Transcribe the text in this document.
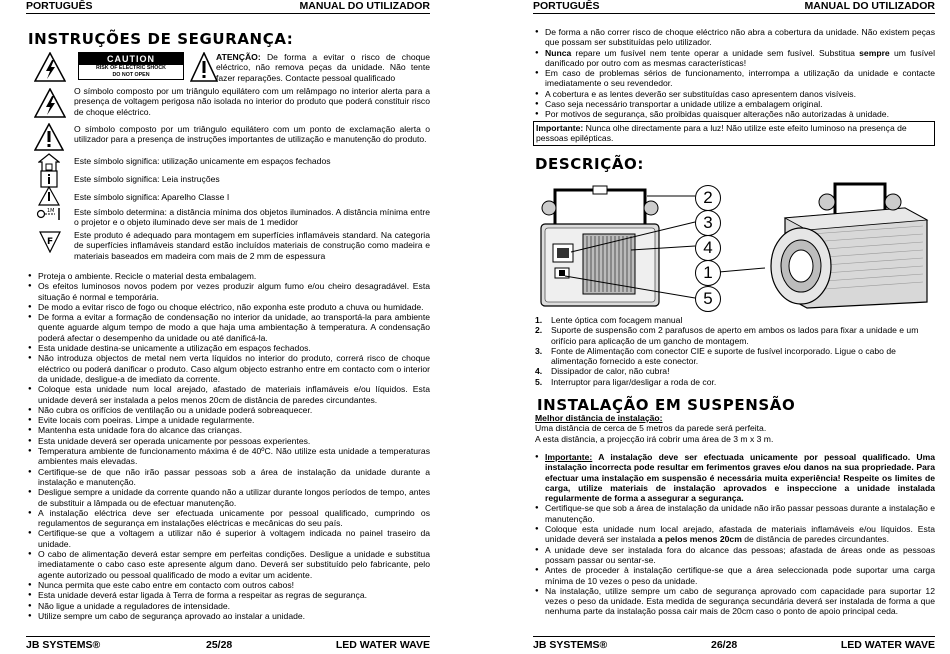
PORTUGUÊS	MANUAL DO UTILIZADOR
INSTRUÇÕES DE SEGURANÇA:
CAUTION
RISK OF ELECTRIC SHOCK
DO NOT OPEN

ATENÇÃO: De forma a evitar o risco de choque eléctrico, não remova peças da unidade. Não tente fazer reparações. Contacte pessoal qualificado

O símbolo composto por um triângulo equilátero com um relâmpago no interior alerta para a presença de voltagem perigosa não isolada no interior do produto que poderá constituir risco de choque eléctrico.

O símbolo composto por um triângulo equilátero com um ponto de exclamação alerta o utilizador para a presença de instruções importantes de utilização e manutenção do produto.

Este símbolo significa: utilização unicamente em espaços fechados
Este símbolo significa: Leia instruções
Este símbolo significa: Aparelho Classe I
1M Este símbolo determina: a distância mínima dos objetos iluminados. A distância mínima entre o projetor e o objeto iluminado deve ser mais de 1 medidor
F
Este produto é adequado para montagem em superfícies inflamáveis standard. Na categoria de superfícies inflamáveis standard estão incluídos materiais de construção como madeira e materiais baseados em madeira com mais de 2 mm de espessura
● Proteja o ambiente. Recicle o material desta embalagem.
● Os efeitos luminosos novos podem por vezes produzir algum fumo e/ou cheiro desagradável. Esta situação é normal e temporária.
● De modo a evitar risco de fogo ou choque eléctrico, não exponha este produto a chuva ou humidade.
● De forma a evitar a formação de condensação no interior da unidade, ao transportá-la para ambiente quente aguarde algum tempo de modo a que haja uma ambientação à temperatura. A condensação poderá afectar o desempenho da unidade ou até danificá-la.
● Esta unidade destina-se unicamente a utilização em espaços fechados.
● Não introduza objectos de metal nem verta líquidos no interior do produto, correrá risco de choque eléctrico ou poderá danificar o produto. Caso algum objecto estranho entre em contacto com o interior da unidade, desligue-a de imediato da corrente.
● Coloque esta unidade num local arejado, afastado de materiais inflamáveis e/ou líquidos. Esta unidade deverá ser instalada a pelos menos 20cm de distância de paredes circundantes.
● Não cubra os orifícios de ventilação ou a unidade poderá sobreaquecer.
● Evite locais com poeiras. Limpe a unidade regularmente.
● Mantenha esta unidade fora do alcance das crianças.
● Esta unidade deverá ser operada unicamente por pessoas experientes.
● Temperatura ambiente de funcionamento máxima é de 40ºC. Não utilize esta unidade a temperaturas ambientes mais elevadas.
● Certifique-se de que não irão passar pessoas sob a área de instalação da unidade durante a instalação e manutenção.
● Desligue sempre a unidade da corrente quando não a utilizar durante longos períodos de tempo, antes de substituir a lâmpada ou de efectuar manutenção.
● A instalação eléctrica deve ser efectuada unicamente por pessoal qualificado, cumprindo os regulamentos de segurança em instalações eléctricas e mecânicas do seu país.
● Certifique-se que a voltagem a utilizar não é superior à voltagem indicada no painel traseiro da unidade.
● O cabo de alimentação deverá estar sempre em perfeitas condições. Desligue a unidade e substitua imediatamente o cabo caso este apresente algum dano. Deverá ser substituído pelo fabricante, pelo agente autorizado ou pessoal qualificado de modo a evitar um acidente.
● Nunca permita que este cabo entre em contacto com outros cabos!
● Esta unidade deverá estar ligada à Terra de forma a respeitar as regras de segurança.
● Não ligue a unidade a reguladores de intensidade.
● Utilize sempre um cabo de segurança aprovado ao instalar a unidade.
JB SYSTEMS®	25/28	LED WATER WAVE
PORTUGUÊS	MANUAL DO UTILIZADOR
● De forma a não correr risco de choque eléctrico não abra a cobertura da unidade. Não existem peças que possam ser substituídas pelo utilizador.
● Nunca repare um fusível nem tente operar a unidade sem fusível. Substitua sempre um fusível danificado por outro com as mesmas características!
● Em caso de problemas sérios de funcionamento, interrompa a utilização da unidade e contacte imediatamente o seu revendedor.
● A cobertura e as lentes deverão ser substituídas caso apresentem danos visíveis.
● Caso seja necessário transportar a unidade utilize a embalagem original.
● Por motivos de segurança, são proibidas quaisquer alterações não autorizadas à unidade.
Importante: Nunca olhe directamente para a luz! Não utilize este efeito luminoso na presença de pessoas epilépticas.
DESCRIÇÃO:
2
3
4
1
5
1. Lente óptica com focagem manual
2. Suporte de suspensão com 2 parafusos de aperto em ambos os lados para fixar a unidade e um orifício para aplicação de um gancho de montagem.
3. Fonte de Alimentação com conector CIE e suporte de fusível incorporado. Ligue o cabo de alimentação fornecido a este conector.
4. Dissipador de calor, não cubra!
5. Interruptor para ligar/desligar a roda de cor.
INSTALAÇÃO EM SUSPENSÃO

Melhor distância de instalação:
Uma distância de cerca de 5 metros da parede será perfeita.
A esta distância, a projecção irá cobrir uma área de 3 m x 3 m.

● Importante: A instalação deve ser efectuada unicamente por pessoal qualificado. Uma instalação incorrecta pode resultar em ferimentos graves e/ou danos na sua propriedade. Para efectuar uma instalação em suspensão é necessária muita experiência! Respeite os limites de carga, utilize materiais de instalação aprovados e inspeccione a unidade instalada regularmente de forma a assegurar a segurança.
● Certifique-se que sob a área de instalação da unidade não irão passar pessoas durante a instalação e manutenção.
● Coloque esta unidade num local arejado, afastada de materiais inflamáveis e/ou líquidos. Esta unidade deverá ser instalada a pelos menos 20cm de distância de paredes circundantes.
● A unidade deve ser instalada fora do alcance das pessoas; afastada de áreas onde as pessoas possam passar ou sentar-se.
● Antes de proceder à instalação certifique-se que a área seleccionada pode suportar uma carga mínima de 10 vezes o peso da unidade.
● Na instalação, utilize sempre um cabo de segurança aprovado com capacidade para suportar 12 vezes o peso da unidade. Esta medida de segurança secundária deverá ser instalada de forma a que nenhuma parte da instalação possa cair mais de 20cm caso o ponto de apoio principal ceda.
JB SYSTEMS®	26/28	LED WATER WAVE
